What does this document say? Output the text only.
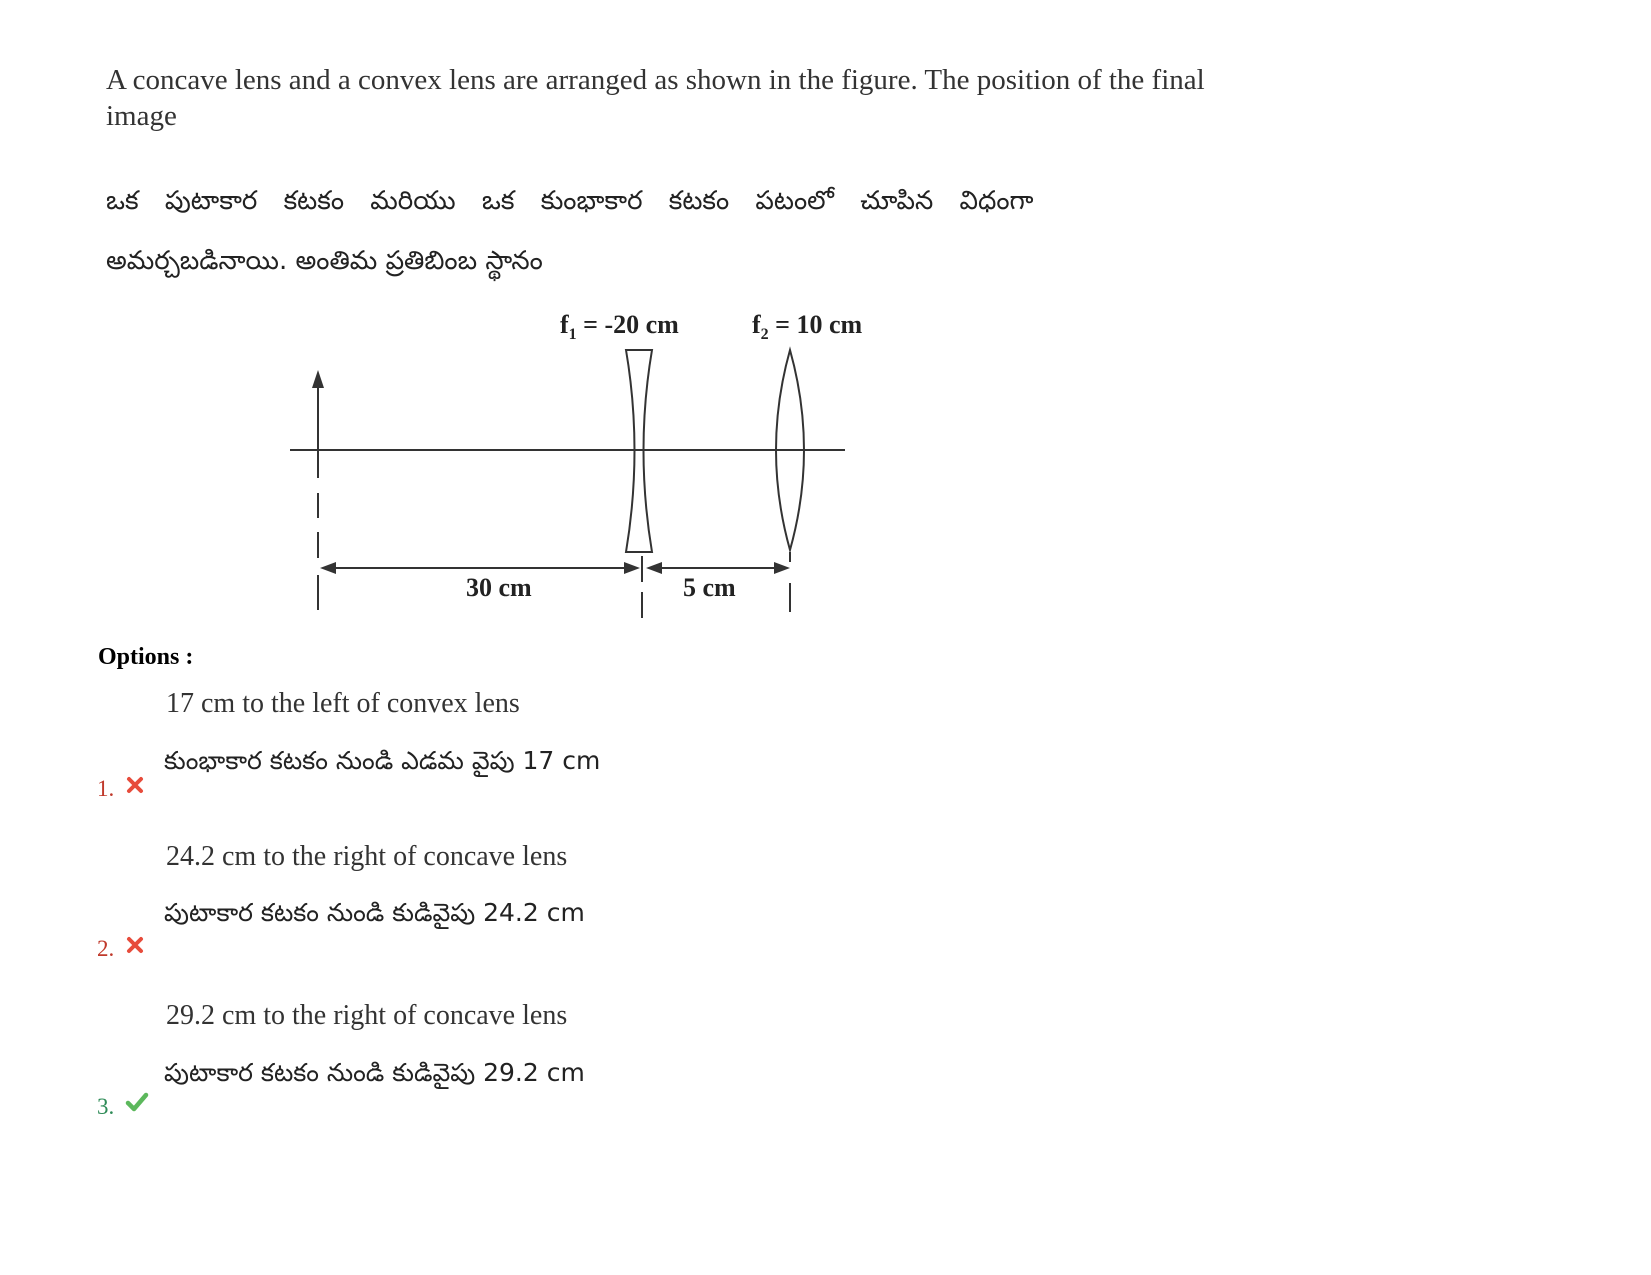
A concave lens and a convex lens are arranged as shown in the figure. The position of the final image
ఒక పుటాకార కటకం మరియు ఒక కుంభాకార కటకం పటంలో చూపిన విధంగా
అమర్చబడినాయి. అంతిమ ప్రతిబింబ స్థానం
$f_1 = -20$ cm	$f_2 = 10$ cm
30 cm	5 cm
Options :
17 cm to the left of convex lens
కుంభాకార కటకం నుండి ఎడమ వైపు 17 cm
1.
24.2 cm to the right of concave lens
పుటాకార కటకం నుండి కుడివైపు 24.2 cm
2.
29.2 cm to the right of concave lens
పుటాకార కటకం నుండి కుడివైపు 29.2 cm
3.
